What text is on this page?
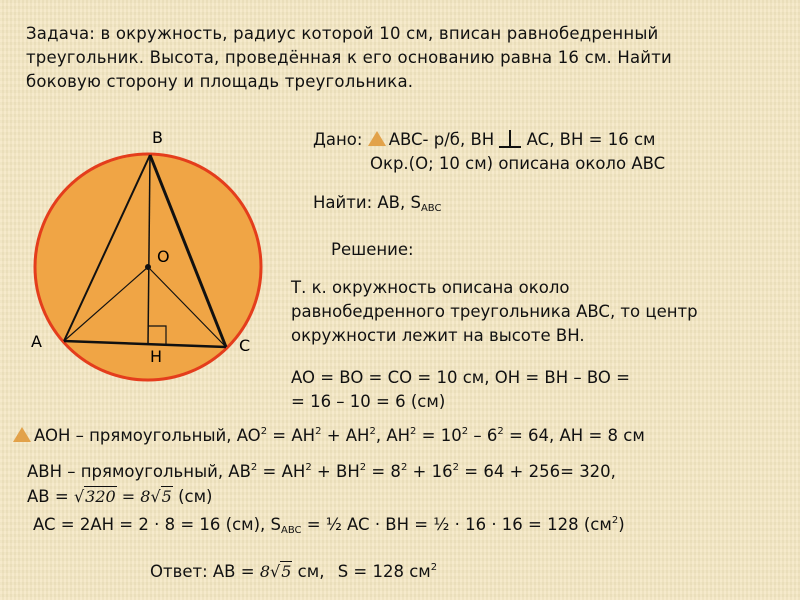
Задача: в окружность, радиус которой 10 см, вписан равнобедренный
треугольник. Высота, проведённая к его основанию равна 16 см. Найти
боковую сторону и площадь треугольника.
B
O
A	C
H
Дано: ABC- р/б, BH AC, BH = 16 см
Окр.(O; 10 см) описана около ABC
Найти: AB, $S_{ABC}$
Решение:
Т. к. окружность описана около
равнобедренного треугольника ABC, то центр
окружности лежит на высоте BH.
AO = BO = CO = 10 см, OH = BH – BO =
= 16 – 10 = 6 (см)
AOH – прямоугольный, $AO^2 = AH^2 + AH^2$, $AH^2 = 10^2 - 6^2 = 64$, AH = 8 см
ABH – прямоугольный, $AB^2 = AH^2 + BH^2 = 8^2 + 16^2 = 64 + 256= 320$,
AB = √320 = 8√5 (см)
AC = 2AH = 2 · 8 = 16 (см), $S_{ABC}$ = ½ AC · BH = ½ · 16 · 16 = 128 $(см^2)$
Ответ: AB = 8√5 см, S = 128 $см^2$
